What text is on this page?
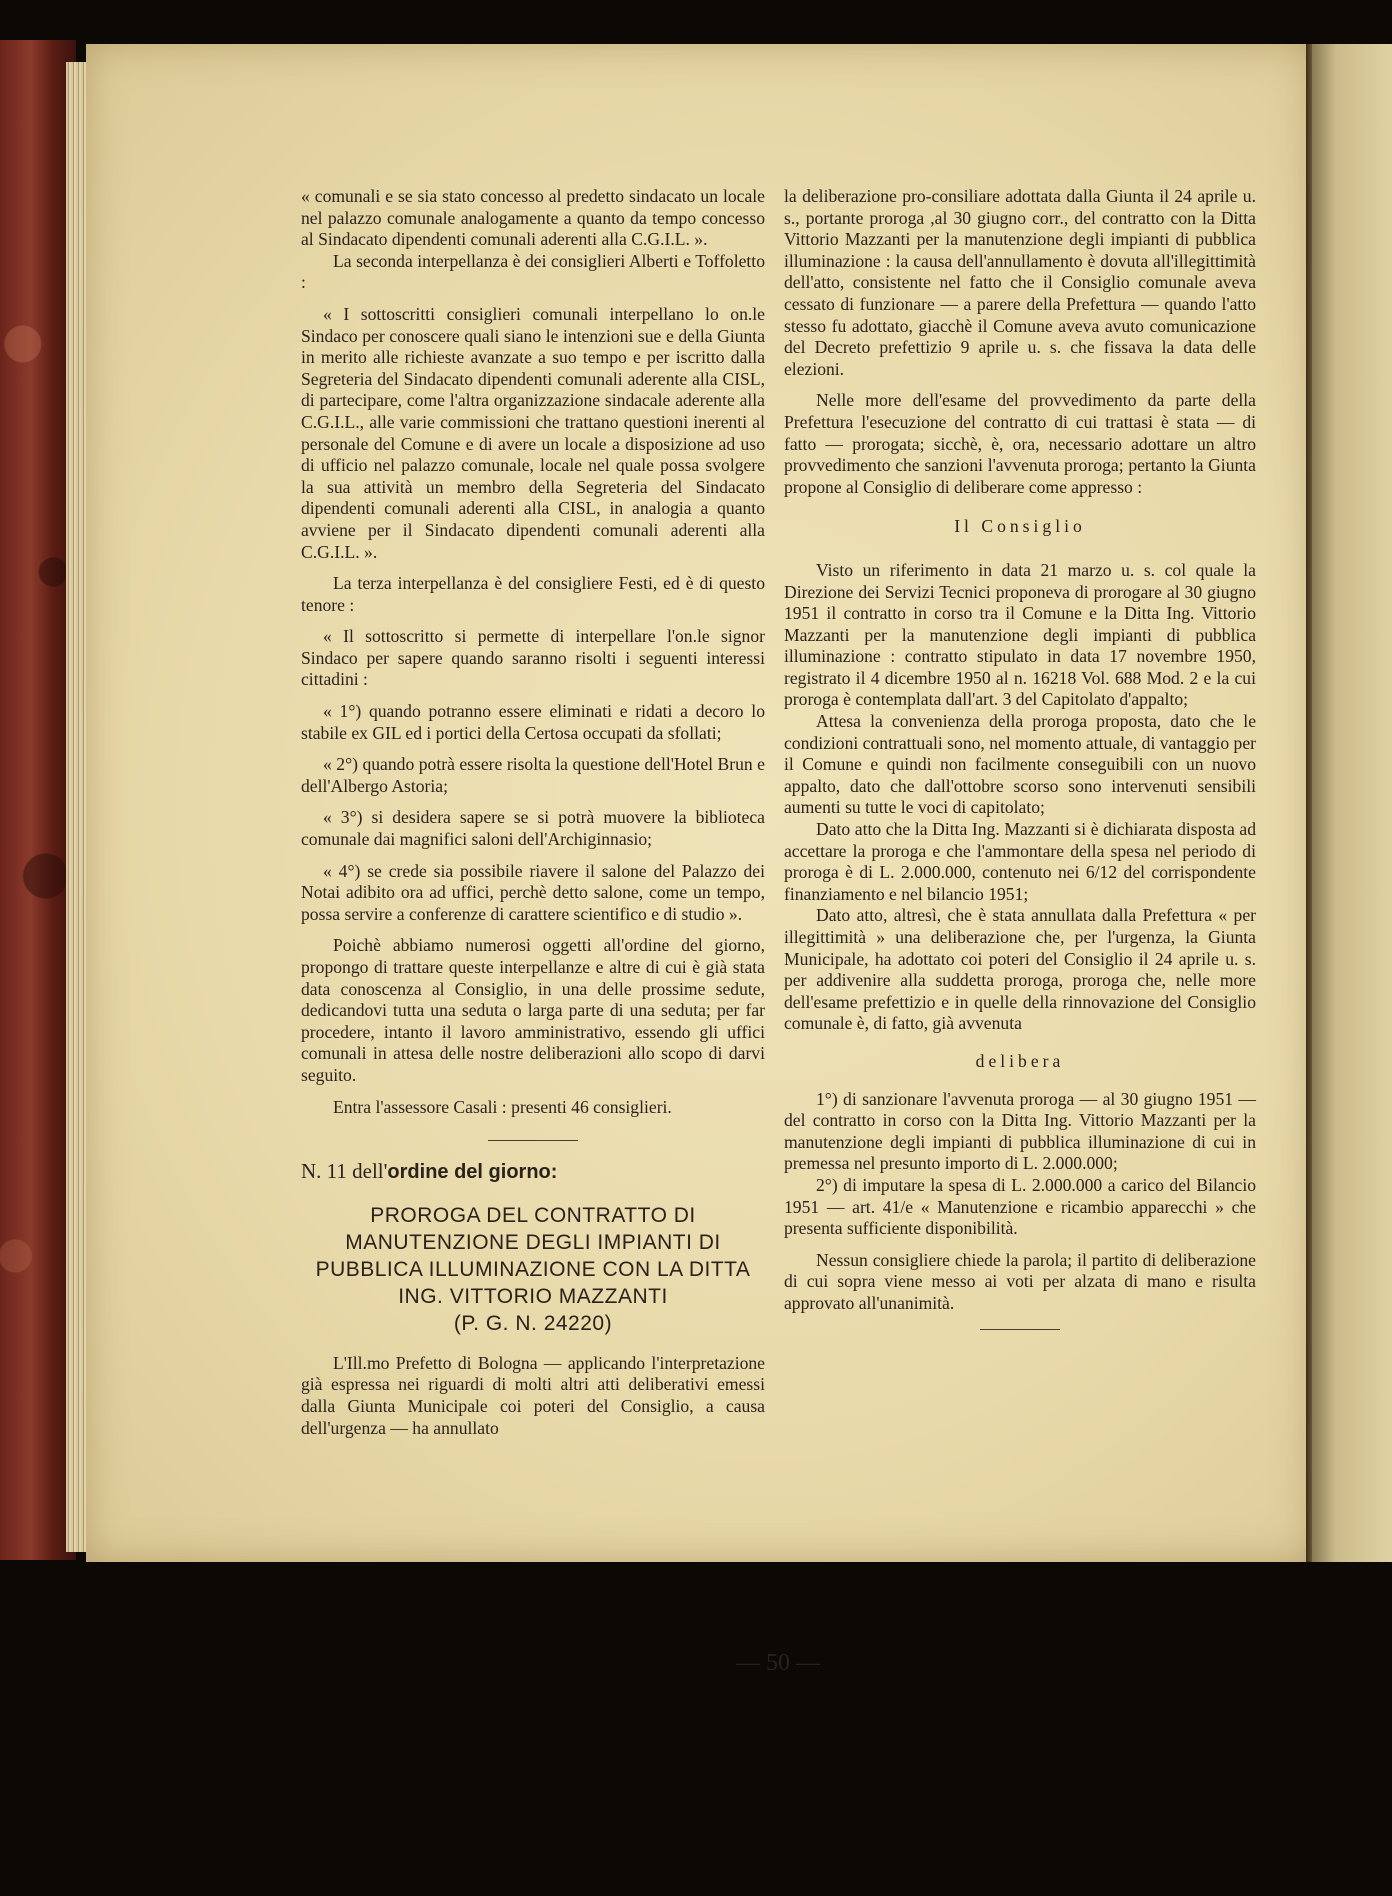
« comunali e se sia stato concesso al predetto sindacato un locale nel palazzo comunale analogamente a quanto da tempo concesso al Sindacato dipendenti comunali aderenti alla C.G.I.L. ».

La seconda interpellanza è dei consiglieri Alberti e Toffoletto :

« I sottoscritti consiglieri comunali interpellano lo on.le Sindaco per conoscere quali siano le intenzioni sue e della Giunta in merito alle richieste avanzate a suo tempo e per iscritto dalla Segreteria del Sindacato dipendenti comunali aderente alla CISL, di partecipare, come l'altra organizzazione sindacale aderente alla C.G.I.L., alle varie commissioni che trattano questioni inerenti al personale del Comune e di avere un locale a disposizione ad uso di ufficio nel palazzo comunale, locale nel quale possa svolgere la sua attività un membro della Segreteria del Sindacato dipendenti comunali aderenti alla CISL, in analogia a quanto avviene per il Sindacato dipendenti comunali aderenti alla C.G.I.L. ».

La terza interpellanza è del consigliere Festi, ed è di questo tenore :

« Il sottoscritto si permette di interpellare l'on.le signor Sindaco per sapere quando saranno risolti i seguenti interessi cittadini :

« 1°) quando potranno essere eliminati e ridati a decoro lo stabile ex GIL ed i portici della Certosa occupati da sfollati;

« 2°) quando potrà essere risolta la questione dell'Hotel Brun e dell'Albergo Astoria;

« 3°) si desidera sapere se si potrà muovere la biblioteca comunale dai magnifici saloni dell'Archiginnasio;

« 4°) se crede sia possibile riavere il salone del Palazzo dei Notai adibito ora ad uffici, perchè detto salone, come un tempo, possa servire a conferenze di carattere scientifico e di studio ».

Poichè abbiamo numerosi oggetti all'ordine del giorno, propongo di trattare queste interpellanze e altre di cui è già stata data conoscenza al Consiglio, in una delle prossime sedute, dedicandovi tutta una seduta o larga parte di una seduta; per far procedere, intanto il lavoro amministrativo, essendo gli uffici comunali in attesa delle nostre deliberazioni allo scopo di darvi seguito.

Entra l'assessore Casali : presenti 46 consiglieri.

N. 11 dell'ordine del giorno:
PROROGA DEL CONTRATTO DI MANUTENZIONE DEGLI IMPIANTI DI PUBBLICA ILLUMINAZIONE CON LA DITTA ING. VITTORIO MAZZANTI
(P. G. N. 24220)

L'Ill.mo Prefetto di Bologna — applicando l'interpretazione già espressa nei riguardi di molti altri atti deliberativi emessi dalla Giunta Municipale coi poteri del Consiglio, a causa dell'urgenza — ha annullato

la deliberazione pro-consiliare adottata dalla Giunta il 24 aprile u. s., portante proroga ,al 30 giugno corr., del contratto con la Ditta Vittorio Mazzanti per la manutenzione degli impianti di pubblica illuminazione : la causa dell'annullamento è dovuta all'illegittimità dell'atto, consistente nel fatto che il Consiglio comunale aveva cessato di funzionare — a parere della Prefettura — quando l'atto stesso fu adottato, giacchè il Comune aveva avuto comunicazione del Decreto prefettizio 9 aprile u. s. che fissava la data delle elezioni.

Nelle more dell'esame del provvedimento da parte della Prefettura l'esecuzione del contratto di cui trattasi è stata — di fatto — prorogata; sicchè, è, ora, necessario adottare un altro provvedimento che sanzioni l'avvenuta proroga; pertanto la Giunta propone al Consiglio di deliberare come appresso :

Il Consiglio

Visto un riferimento in data 21 marzo u. s. col quale la Direzione dei Servizi Tecnici proponeva di prorogare al 30 giugno 1951 il contratto in corso tra il Comune e la Ditta Ing. Vittorio Mazzanti per la manutenzione degli impianti di pubblica illuminazione : contratto stipulato in data 17 novembre 1950, registrato il 4 dicembre 1950 al n. 16218 Vol. 688 Mod. 2 e la cui proroga è contemplata dall'art. 3 del Capitolato d'appalto;

Attesa la convenienza della proroga proposta, dato che le condizioni contrattuali sono, nel momento attuale, di vantaggio per il Comune e quindi non facilmente conseguibili con un nuovo appalto, dato che dall'ottobre scorso sono intervenuti sensibili aumenti su tutte le voci di capitolato;

Dato atto che la Ditta Ing. Mazzanti si è dichiarata disposta ad accettare la proroga e che l'ammontare della spesa nel periodo di proroga è di L. 2.000.000, contenuto nei 6/12 del corrispondente finanziamento e nel bilancio 1951;

Dato atto, altresì, che è stata annullata dalla Prefettura « per illegittimità » una deliberazione che, per l'urgenza, la Giunta Municipale, ha adottato coi poteri del Consiglio il 24 aprile u. s. per addivenire alla suddetta proroga, proroga che, nelle more dell'esame prefettizio e in quelle della rinnovazione del Consiglio comunale è, di fatto, già avvenuta

delibera

1°) di sanzionare l'avvenuta proroga — al 30 giugno 1951 — del contratto in corso con la Ditta Ing. Vittorio Mazzanti per la manutenzione degli impianti di pubblica illuminazione di cui in premessa nel presunto importo di L. 2.000.000;

2°) di imputare la spesa di L. 2.000.000 a carico del Bilancio 1951 — art. 41/e « Manutenzione e ricambio apparecchi » che presenta sufficiente disponibilità.

Nessun consigliere chiede la parola; il partito di deliberazione di cui sopra viene messo ai voti per alzata di mano e risulta approvato all'unanimità.

— 50 —
